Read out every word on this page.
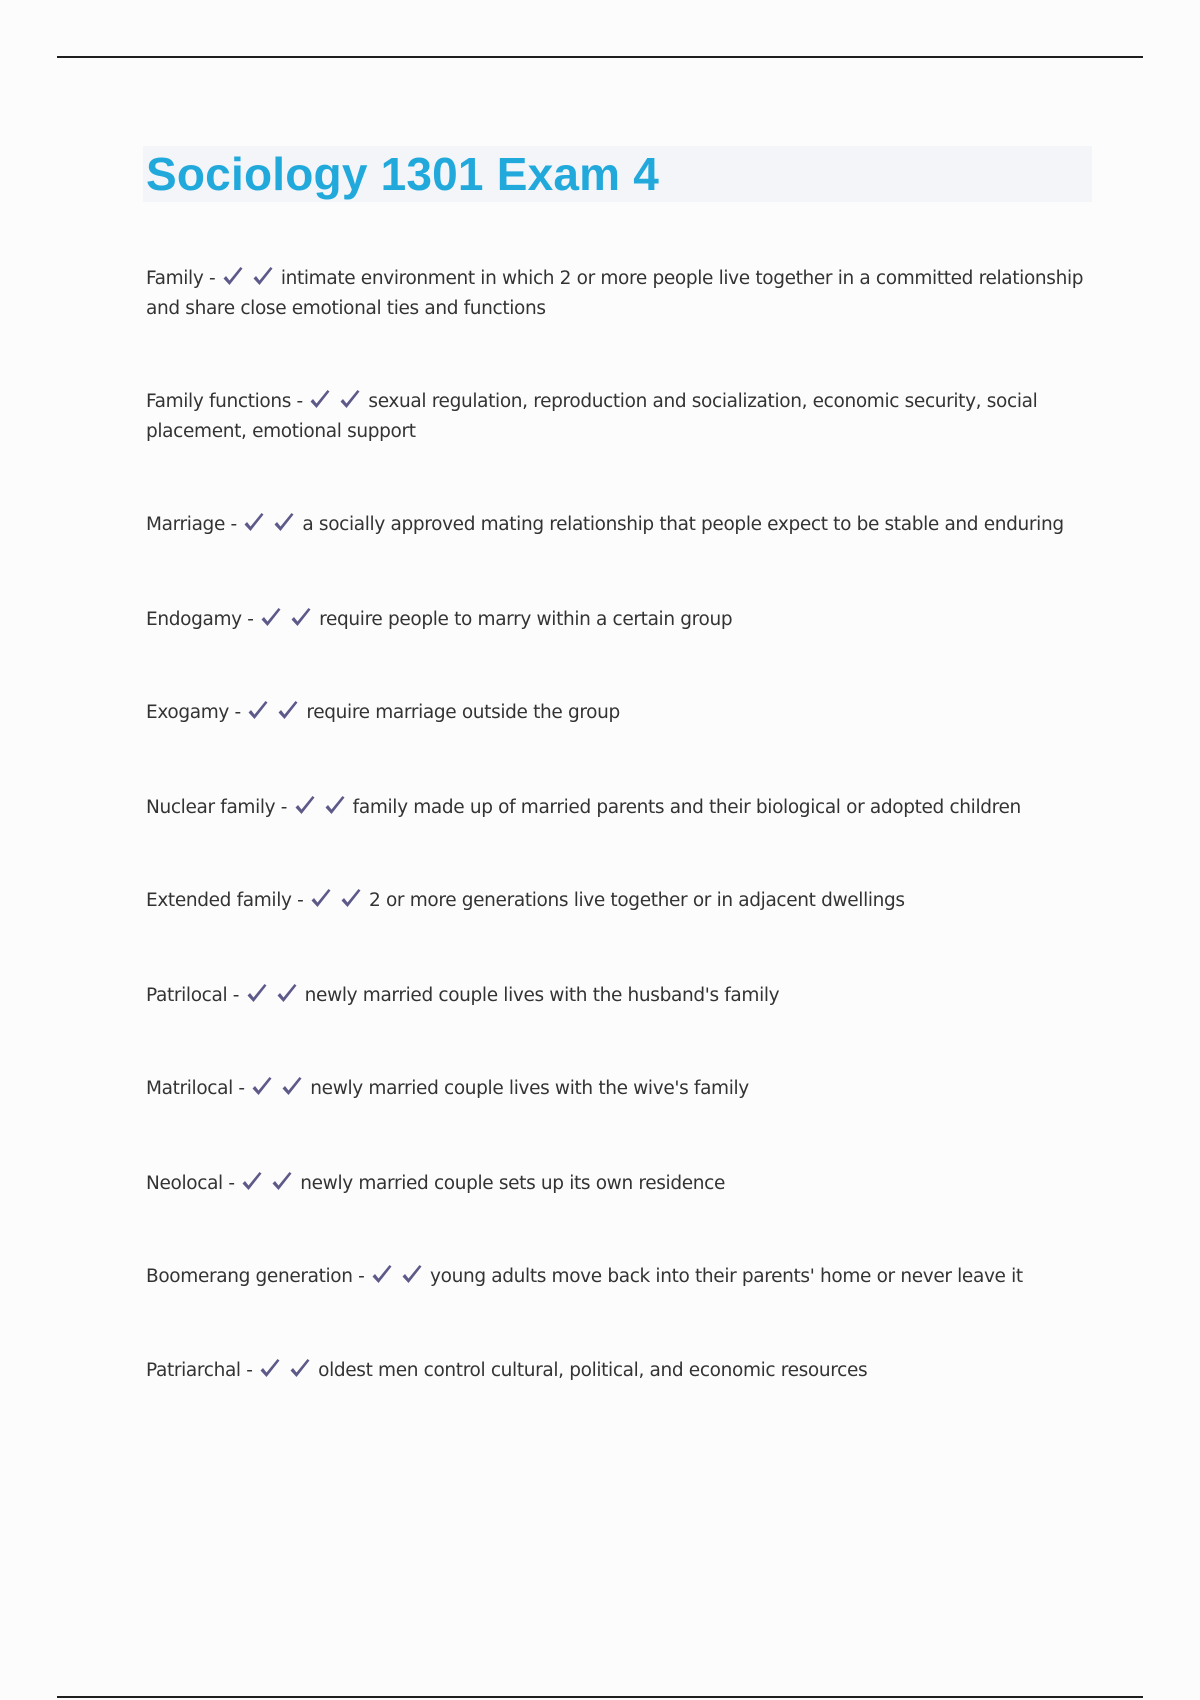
Sociology 1301 Exam 4

Family -	intimate environment in which 2 or more people live together in a committed relationship and share close emotional ties and functions

Family functions -	sexual regulation, reproduction and socialization, economic security, social placement, emotional support

Marriage -	a socially approved mating relationship that people expect to be stable and enduring

Endogamy -	require people to marry within a certain group

Exogamy -	require marriage outside the group

Nuclear family -	family made up of married parents and their biological or adopted children

Extended family -	2 or more generations live together or in adjacent dwellings

Patrilocal -	newly married couple lives with the husband's family

Matrilocal -	newly married couple lives with the wive's family

Neolocal -	newly married couple sets up its own residence

Boomerang generation -	young adults move back into their parents' home or never leave it

Patriarchal -	oldest men control cultural, political, and economic resources
